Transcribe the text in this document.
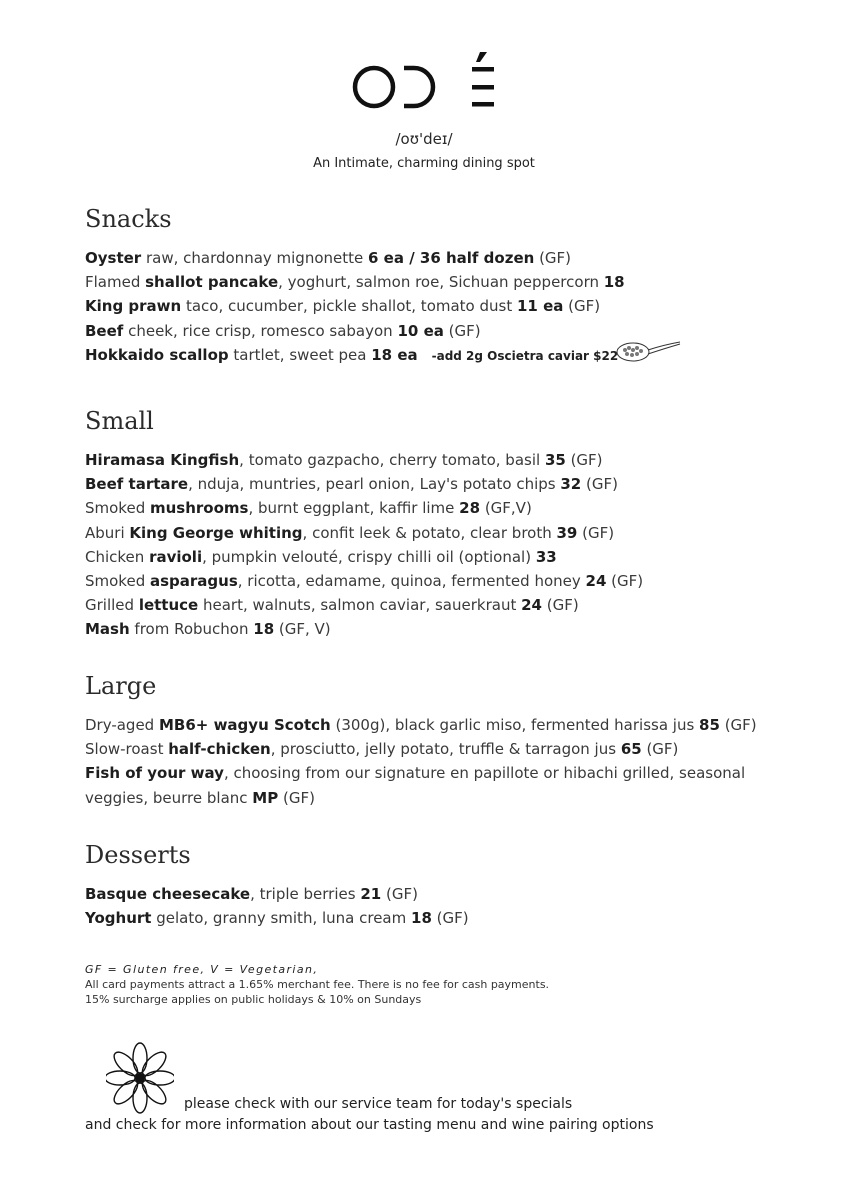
/oʊ'deɪ/
An Intimate, charming dining spot
Snacks
Oyster raw, chardonnay mignonette 6 ea / 36 half dozen (GF)
Flamed shallot pancake, yoghurt, salmon roe, Sichuan peppercorn 18
King prawn taco, cucumber, pickle shallot, tomato dust 11 ea (GF)
Beef cheek, rice crisp, romesco sabayon 10 ea (GF)
Hokkaido scallop tartlet, sweet pea 18 ea -add 2g Oscietra caviar $22
Small
Hiramasa Kingfish, tomato gazpacho, cherry tomato, basil 35 (GF)
Beef tartare, nduja, muntries, pearl onion, Lay's potato chips 32 (GF)
Smoked mushrooms, burnt eggplant, kaffir lime 28 (GF,V)
Aburi King George whiting, confit leek & potato, clear broth 39 (GF)
Chicken ravioli, pumpkin velouté, crispy chilli oil (optional) 33
Smoked asparagus, ricotta, edamame, quinoa, fermented honey 24 (GF)
Grilled lettuce heart, walnuts, salmon caviar, sauerkraut 24 (GF)
Mash from Robuchon 18 (GF, V)
Large
Dry-aged MB6+ wagyu Scotch (300g), black garlic miso, fermented harissa jus 85 (GF)
Slow-roast half-chicken, prosciutto, jelly potato, truffle & tarragon jus 65 (GF)
Fish of your way, choosing from our signature en papillote or hibachi grilled, seasonal veggies, beurre blanc MP (GF)
Desserts
Basque cheesecake, triple berries 21 (GF)
Yoghurt gelato, granny smith, luna cream 18 (GF)
GF = Gluten free, V = Vegetarian,
All card payments attract a 1.65% merchant fee. There is no fee for cash payments.
15% surcharge applies on public holidays & 10% on Sundays
please check with our service team for today's specials
and check for more information about our tasting menu and wine pairing options
